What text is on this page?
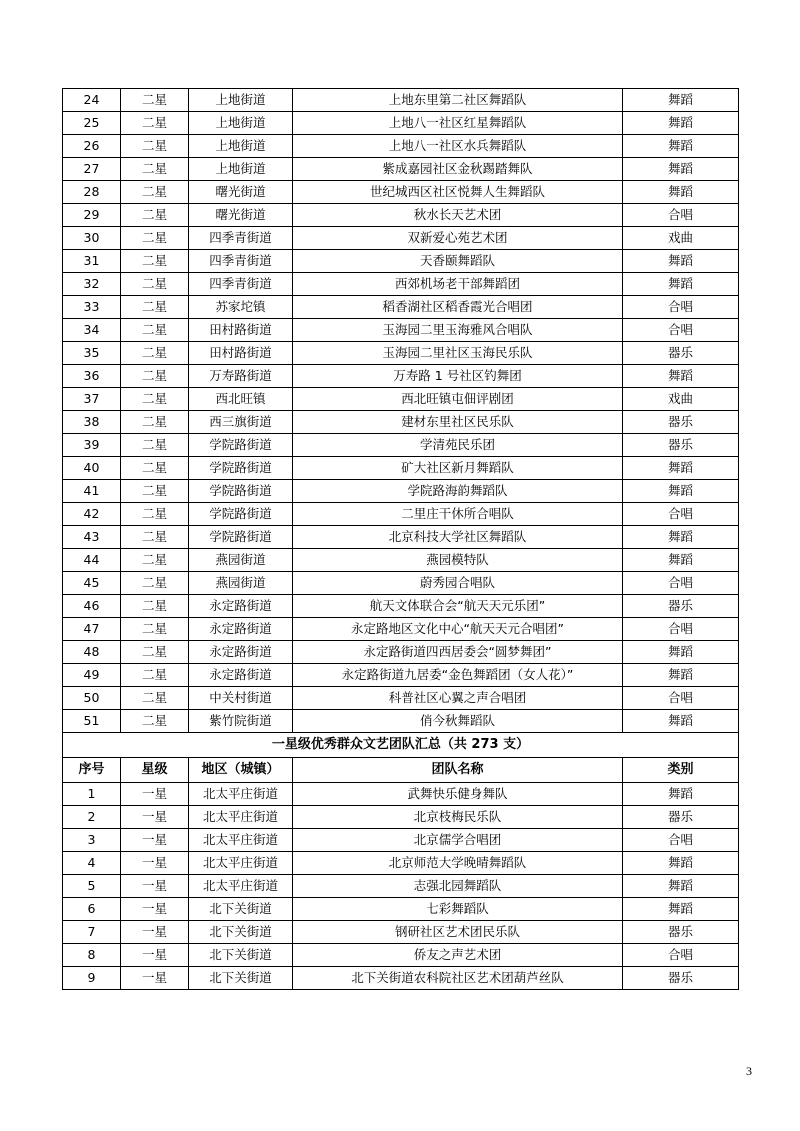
24	二星	上地街道	上地东里第二社区舞蹈队	舞蹈
25	二星	上地街道	上地八一社区红星舞蹈队	舞蹈
26	二星	上地街道	上地八一社区水兵舞蹈队	舞蹈
27	二星	上地街道	紫成嘉园社区金秋踢踏舞队	舞蹈
28	二星	曙光街道	世纪城西区社区悦舞人生舞蹈队	舞蹈
29	二星	曙光街道	秋水长天艺术团	合唱
30	二星	四季青街道	双新爱心苑艺术团	戏曲
31	二星	四季青街道	天香颐舞蹈队	舞蹈
32	二星	四季青街道	西郊机场老干部舞蹈团	舞蹈
33	二星	苏家坨镇	稻香湖社区稻香霞光合唱团	合唱
34	二星	田村路街道	玉海园二里玉海雅风合唱队	合唱
35	二星	田村路街道	玉海园二里社区玉海民乐队	器乐
36	二星	万寿路街道	万寿路 1 号社区钓舞团	舞蹈
37	二星	西北旺镇	西北旺镇屯佃评剧团	戏曲
38	二星	西三旗街道	建材东里社区民乐队	器乐
39	二星	学院路街道	学清苑民乐团	器乐
40	二星	学院路街道	矿大社区新月舞蹈队	舞蹈
41	二星	学院路街道	学院路海韵舞蹈队	舞蹈
42	二星	学院路街道	二里庄干休所合唱队	合唱
43	二星	学院路街道	北京科技大学社区舞蹈队	舞蹈
44	二星	燕园街道	燕园模特队	舞蹈
45	二星	燕园街道	蔚秀园合唱队	合唱
46	二星	永定路街道	航天文体联合会“航天天元乐团”	器乐
47	二星	永定路街道	永定路地区文化中心“航天天元合唱团”	合唱
48	二星	永定路街道	永定路街道四西居委会“圆梦舞团”	舞蹈
49	二星	永定路街道	永定路街道九居委“金色舞蹈团（女人花）”	舞蹈
50	二星	中关村街道	科普社区心翼之声合唱团	合唱
51	二星	紫竹院街道	俏今秋舞蹈队	舞蹈
一星级优秀群众文艺团队汇总（共 273 支）				
序号	星级	地区（城镇）	团队名称	类别
1	一星	北太平庄街道	武舞快乐健身舞队	舞蹈
2	一星	北太平庄街道	北京枝梅民乐队	器乐
3	一星	北太平庄街道	北京儒学合唱团	合唱
4	一星	北太平庄街道	北京师范大学晚晴舞蹈队	舞蹈
5	一星	北太平庄街道	志强北园舞蹈队	舞蹈
6	一星	北下关街道	七彩舞蹈队	舞蹈
7	一星	北下关街道	钢研社区艺术团民乐队	器乐
8	一星	北下关街道	侨友之声艺术团	合唱
9	一星	北下关街道	北下关街道农科院社区艺术团葫芦丝队	器乐
3
